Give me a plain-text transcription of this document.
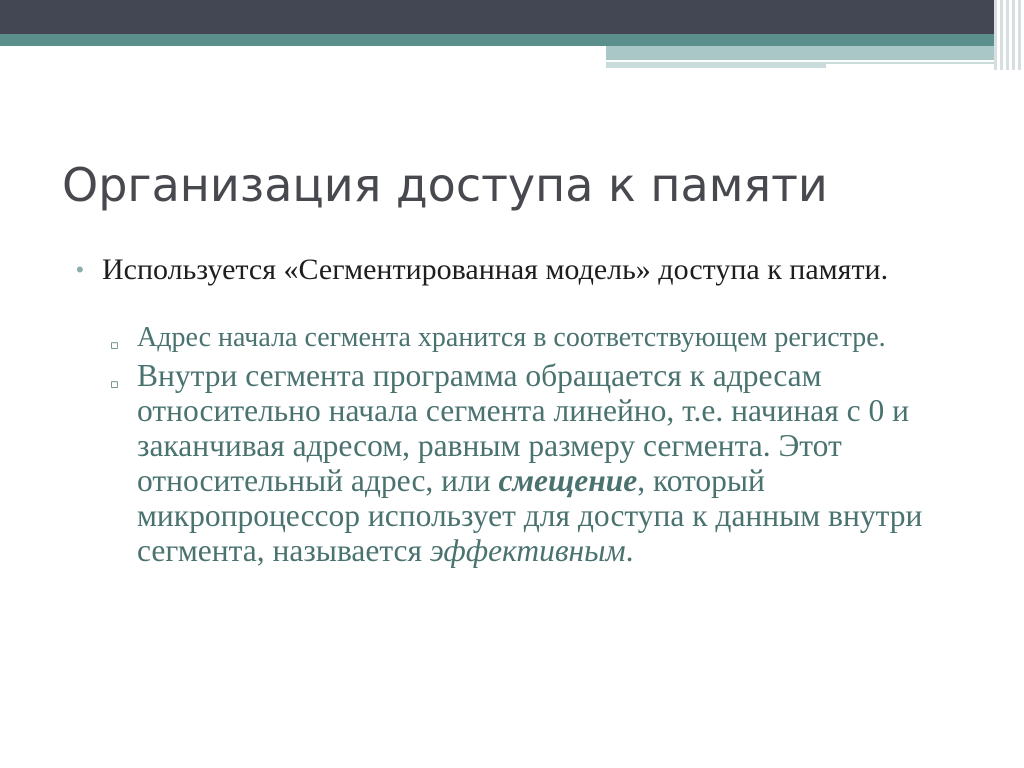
Организация доступа к памяти
• Используется «Сегментированная модель» доступа к памяти.
▫ Адрес начала сегмента хранится в соответствующем регистре.
▫ Внутри сегмента программа обращается к адресам относительно начала сегмента линейно, т.е. начиная с 0 и заканчивая адресом, равным размеру сегмента. Этот относительный адрес, или смещение, который микропроцессор использует для доступа к данным внутри сегмента, называется эффективным.
